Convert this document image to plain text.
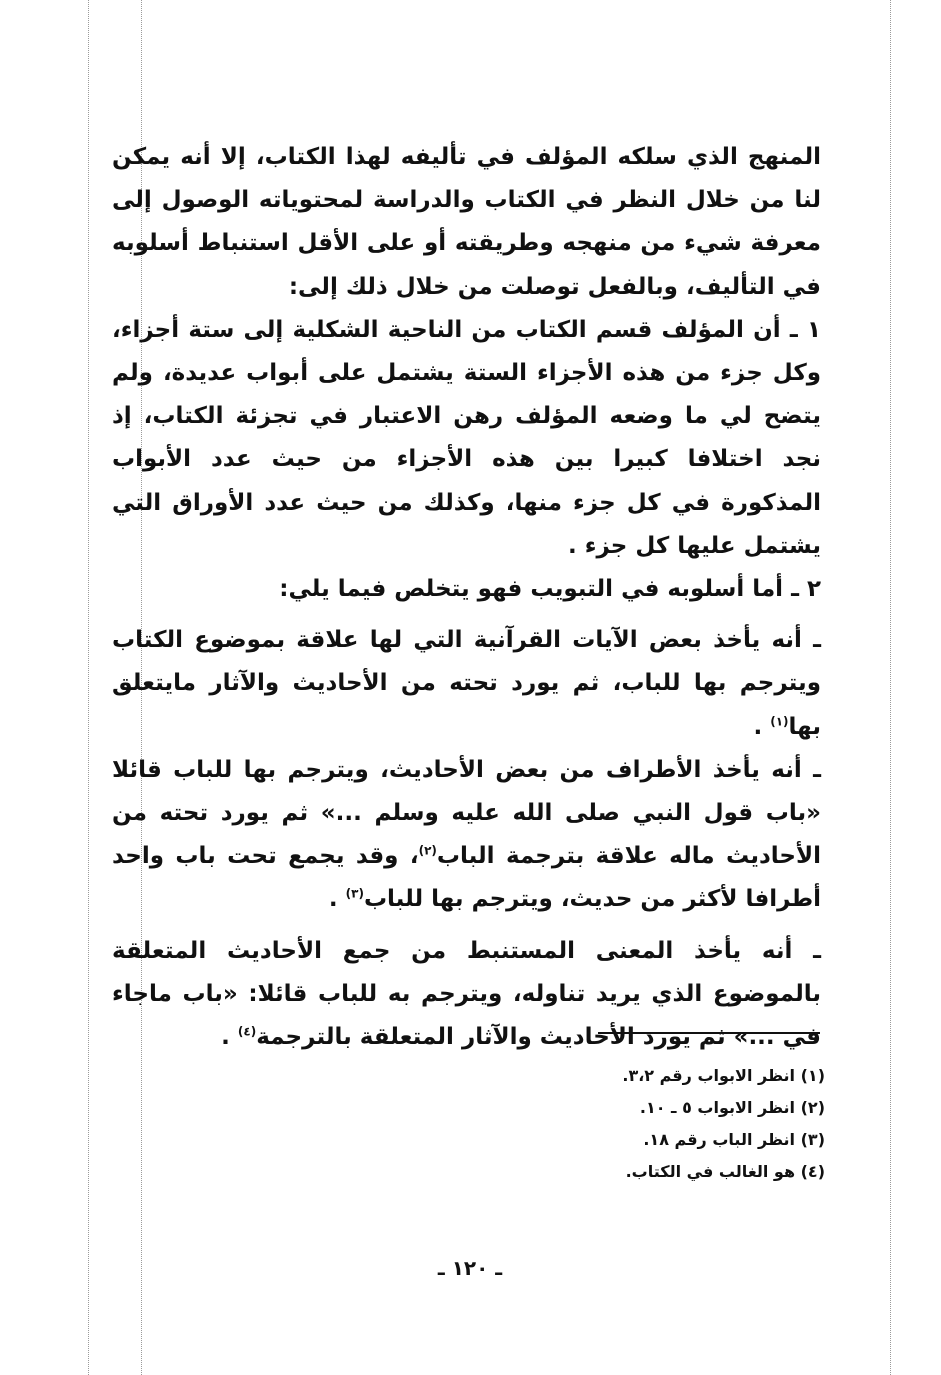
المنهج الذي سلكه المؤلف في تأليفه لهذا الكتاب، إلا أنه يمكن لنا من خلال النظر في الكتاب والدراسة لمحتوياته الوصول إلى معرفة شيء من منهجه وطريقته أو على الأقل استنباط أسلوبه في التأليف، وبالفعل توصلت من خلال ذلك إلى:

١ ـ أن المؤلف قسم الكتاب من الناحية الشكلية إلى ستة أجزاء، وكل جزء من هذه الأجزاء الستة يشتمل على أبواب عديدة، ولم يتضح لي ما وضعه المؤلف رهن الاعتبار في تجزئة الكتاب، إذ نجد اختلافا كبيرا بين هذه الأجزاء من حيث عدد الأبواب المذكورة في كل جزء منها، وكذلك من حيث عدد الأوراق التي يشتمل عليها كل جزء .

٢ ـ أما أسلوبه في التبويب فهو يتخلص فيما يلي:

ـ أنه يأخذ بعض الآيات القرآنية التي لها علاقة بموضوع الكتاب ويترجم بها للباب، ثم يورد تحته من الأحاديث والآثار مايتعلق بها$^{(١)}$ .

ـ أنه يأخذ الأطراف من بعض الأحاديث، ويترجم بها للباب قائلا «باب قول النبي صلى الله عليه وسلم ...» ثم يورد تحته من الأحاديث ماله علاقة بترجمة الباب$^{(٢)}$، وقد يجمع تحت باب واحد أطرافا لأكثر من حديث، ويترجم بها للباب$^{(٣)}$ .

ـ أنه يأخذ المعنى المستنبط من جمع الأحاديث المتعلقة بالموضوع الذي يريد تناوله، ويترجم به للباب قائلا: «باب ماجاء في ...» ثم يورد الأحاديث والآثار المتعلقة بالترجمة$^{(٤)}$ .

(١) انظر الابواب رقم ٣،٢.
(٢) انظر الابواب ٥ ـ ١٠.
(٣) انظر الباب رقم ١٨.
(٤) هو الغالب في الكتاب.
ـ ١٢٠ ـ
